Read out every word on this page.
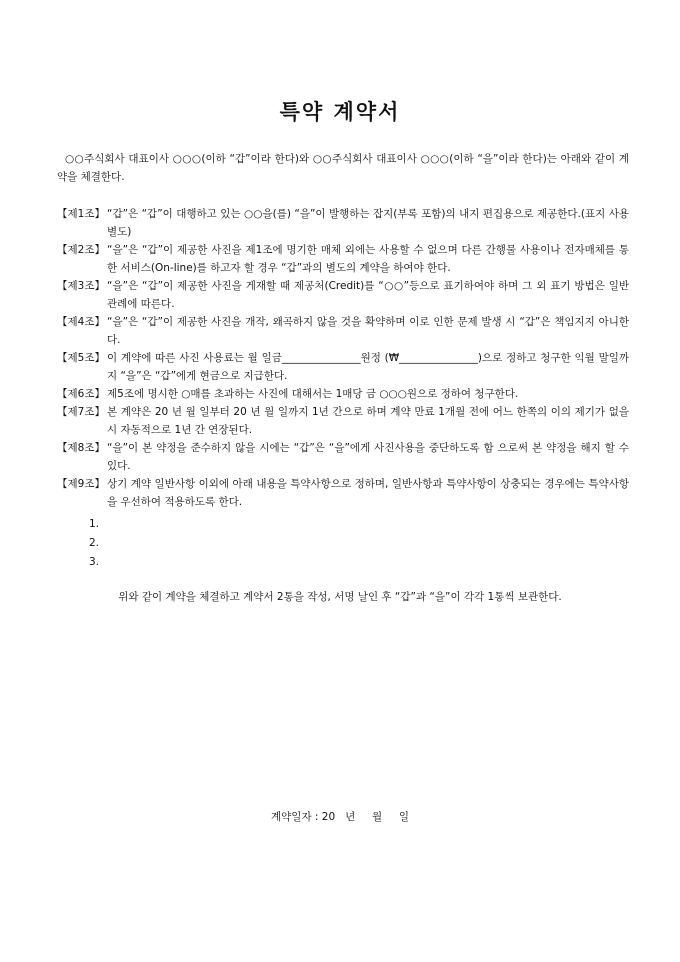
특약 계약서
○○주식회사 대표이사 ○○○(이하 “갑”이라 한다)와 ○○주식회사 대표이사 ○○○(이하 “을”이라 한다)는 아래와 같이 계약을 체결한다.
【제1조】 “갑”은 “갑”이 대행하고 있는 ○○을(를) “을”이 발행하는 잡지(부록 포함)의 내지 편집용으로 제공한다.(표지 사용별도)
【제2조】 “을”은 “갑”이 제공한 사진을 제1조에 명기한 매체 외에는 사용할 수 없으며 다른 간행물 사용이나 전자매체를 통한 서비스(On-line)를 하고자 할 경우 “갑”과의 별도의 계약을 하여야 한다.
【제3조】 “을”은 “갑”이 제공한 사진을 게재할 때 제공처(Credit)를 “○○”등으로 표기하여야 하며 그 외 표기 방법은 일반 관례에 따른다.
【제4조】 “을”은 “갑”이 제공한 사진을 개작, 왜곡하지 않을 것을 확약하며 이로 인한 문제 발생 시 “갑”은 책임지지 아니한다.
【제5조】 이 계약에 따른 사진 사용료는 월 일금_______________원정 (₩_______________)으로 정하고 청구한 익월 말일까지 “을”은 “갑”에게 현금으로 지급한다.
【제6조】 제5조에 명시한 ○매를 초과하는 사진에 대해서는 1매당 금 ○○○원으로 정하여 청구한다.
【제7조】 본 계약은 20 년 월 일부터 20 년 월 일까지 1년 간으로 하며 계약 만료 1개월 전에 어느 한쪽의 이의 제기가 없을 시 자동적으로 1년 간 연장된다.
【제8조】 “을”이 본 약정을 준수하지 않을 시에는 “갑”은 “을”에게 사진사용을 중단하도록 함 으로써 본 약정을 해지 할 수 있다.
【제9조】 상기 계약 일반사항 이외에 아래 내용을 특약사항으로 정하며, 일반사항과 특약사항이 상충되는 경우에는 특약사항을 우선하여 적용하도록 한다.
1.
2.
3.
위와 같이 계약을 체결하고 계약서 2통을 작성, 서명 날인 후 “갑”과 “을”이 각각 1통씩 보관한다.
계약일자 : 20   년     월     일
